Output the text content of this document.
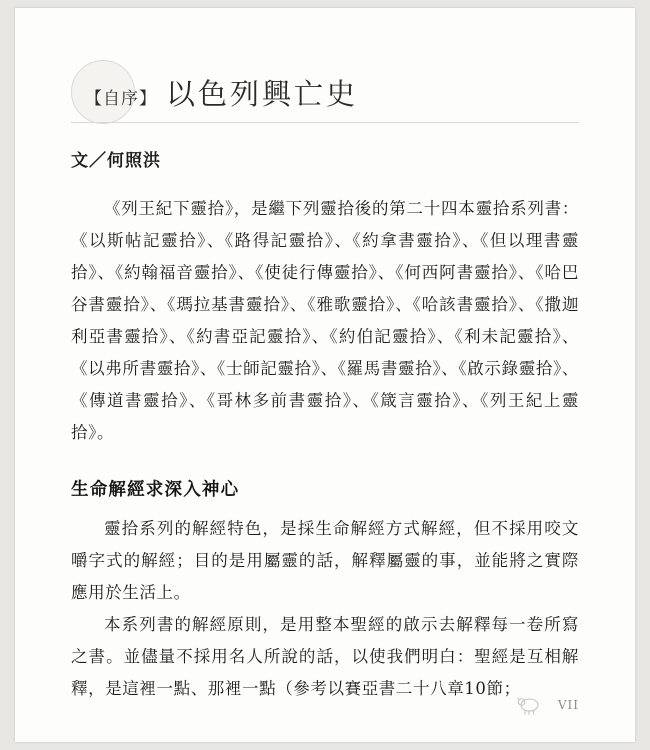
【自序】 以色列興亡史
文／何照洪

《列王紀下靈拾》，是繼下列靈拾後的第二十四本靈拾系列書：《以斯帖記靈拾》、《路得記靈拾》、《約拿書靈拾》、《但以理書靈拾》、《約翰福音靈拾》、《使徒行傳靈拾》、《何西阿書靈拾》、《哈巴谷書靈拾》、《瑪拉基書靈拾》、《雅歌靈拾》、《哈該書靈拾》、《撒迦利亞書靈拾》、《約書亞記靈拾》、《約伯記靈拾》、《利未記靈拾》、《以弗所書靈拾》、《士師記靈拾》、《羅馬書靈拾》、《啟示錄靈拾》、《傳道書靈拾》、《哥林多前書靈拾》、《箴言靈拾》、《列王紀上靈拾》。

生命解經求深入神心

靈拾系列的解經特色，是採生命解經方式解經，但不採用咬文嚼字式的解經；目的是用屬靈的話，解釋屬靈的事，並能將之實際應用於生活上。

本系列書的解經原則，是用整本聖經的啟示去解釋每一卷所寫之書。並儘量不採用名人所說的話，以使我們明白：聖經是互相解釋，是這裡一點、那裡一點（參考以賽亞書二十八章10節；

VII
